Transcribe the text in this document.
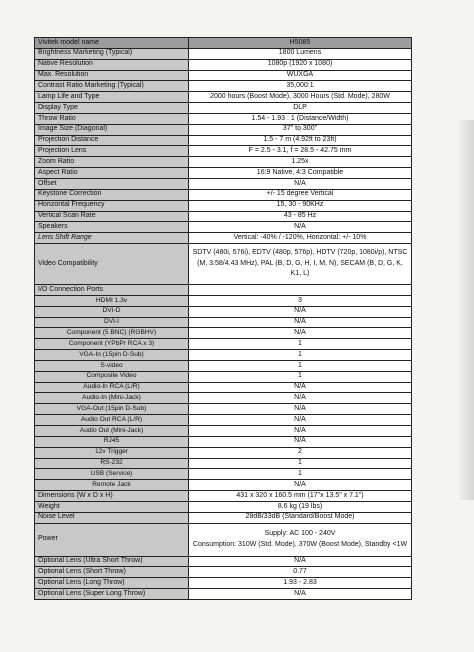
Vivitek model name	H5085
Brightness Marketing (Typical)	1800 Lumens
Native Resolution	1080p (1920 x 1080)
Max. Resolution	WUXGA
Contrast Ratio Marketing (Typical)	35,000:1
Lamp Life and Type	2000 hours (Boost Mode), 3000 Hours (Std. Mode), 280W
Display Type	DLP
Throw Ratio	1.54 - 1.93 : 1 (Distance/Width)
Image Size (Diagonal)	37" to 300"
Projection Distance	1.5 - 7 m (4.92ft to 23ft)
Projection Lens	F = 2.5 - 3.1, f = 28.5 - 42.75 mm
Zoom Ratio	1.25x
Aspect Ratio	16:9 Native, 4:3 Compatible
Offset	N/A
Keystone Correction	+/- 15 degree Vertical
Horizontal Frequency	15, 30 - 90KHz
Vertical Scan Rate	43 - 85 Hz
Speakers	N/A
Lens Shift Range	Vertical: -40% / -120%, Horizontal: +/- 10%
Video Compatibility	SDTV (480i, 576i), EDTV (480p, 576p), HDTV (720p, 1080i/p), NTSC (M, 3.58/4.43 MHz), PAL (B, D, G, H, I, M, N), SECAM (B, D, G, K, K1, L)
I/O Connection Ports	
HDMI 1.3v	3
DVI-D	N/A
DVI-I	N/A
Component (5 BNC) (RGBHV)	N/A
Component (YPbPr RCA x 3)	1
VGA-In (15pin D-Sub)	1
S-video	1
Composite Video	1
Audio-In RCA (L/R)	N/A
Audio-In (Mini-Jack)	N/A
VGA-Out (15pin D-Sub)	N/A
Audio Out RCA (L/R)	N/A
Audio Out (Mini-Jack)	N/A
RJ45	N/A
12v Trigger	2
RS-232	1
USB (Service)	1
Remote Jack	N/A
Dimensions (W x D x H)	431 x 320 x 160.5 mm (17"x 13.5" x 7.1")
Weight	8.6 kg (19 lbs)
Noise Level	28dB/33dB (Standard/Boost Mode)
Power	Supply: AC 100 - 240V
Consumption: 310W (Std. Mode), 370W (Boost Mode), Standby <1W

Optional Lens (Ultra Short Throw)	N/A
Optional Lens (Short Throw)	0.77
Optional Lens (Long Throw)	1.93 - 2.83
Optional Lens (Super Long Throw)	N/A
